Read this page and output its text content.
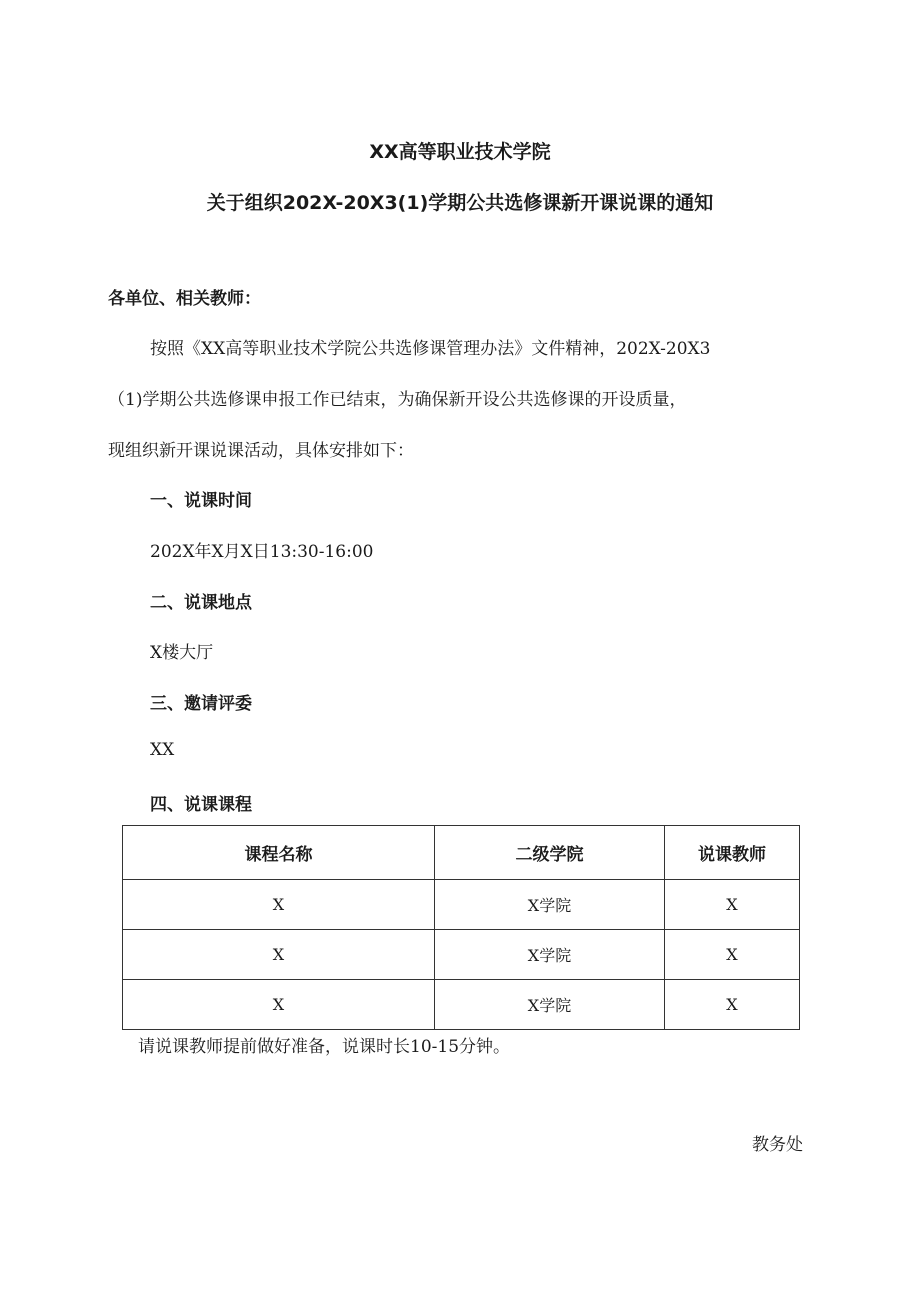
XX高等职业技术学院
关于组织202X-20X3(1)学期公共选修课新开课说课的通知
各单位、相关教师：
按照《XX高等职业技术学院公共选修课管理办法》文件精神，202X-20X3
（1)学期公共选修课申报工作已结束，为确保新开设公共选修课的开设质量，
现组织新开课说课活动，具体安排如下：
一、说课时间
202X年X月X日13:30-16:00
二、说课地点
X楼大厅
三、邀请评委
XX
四、说课课程
课程名称	二级学院	说课教师
X	X学院	X
X	X学院	X
X	X学院	X
请说课教师提前做好准备，说课时长10-15分钟。
教务处
